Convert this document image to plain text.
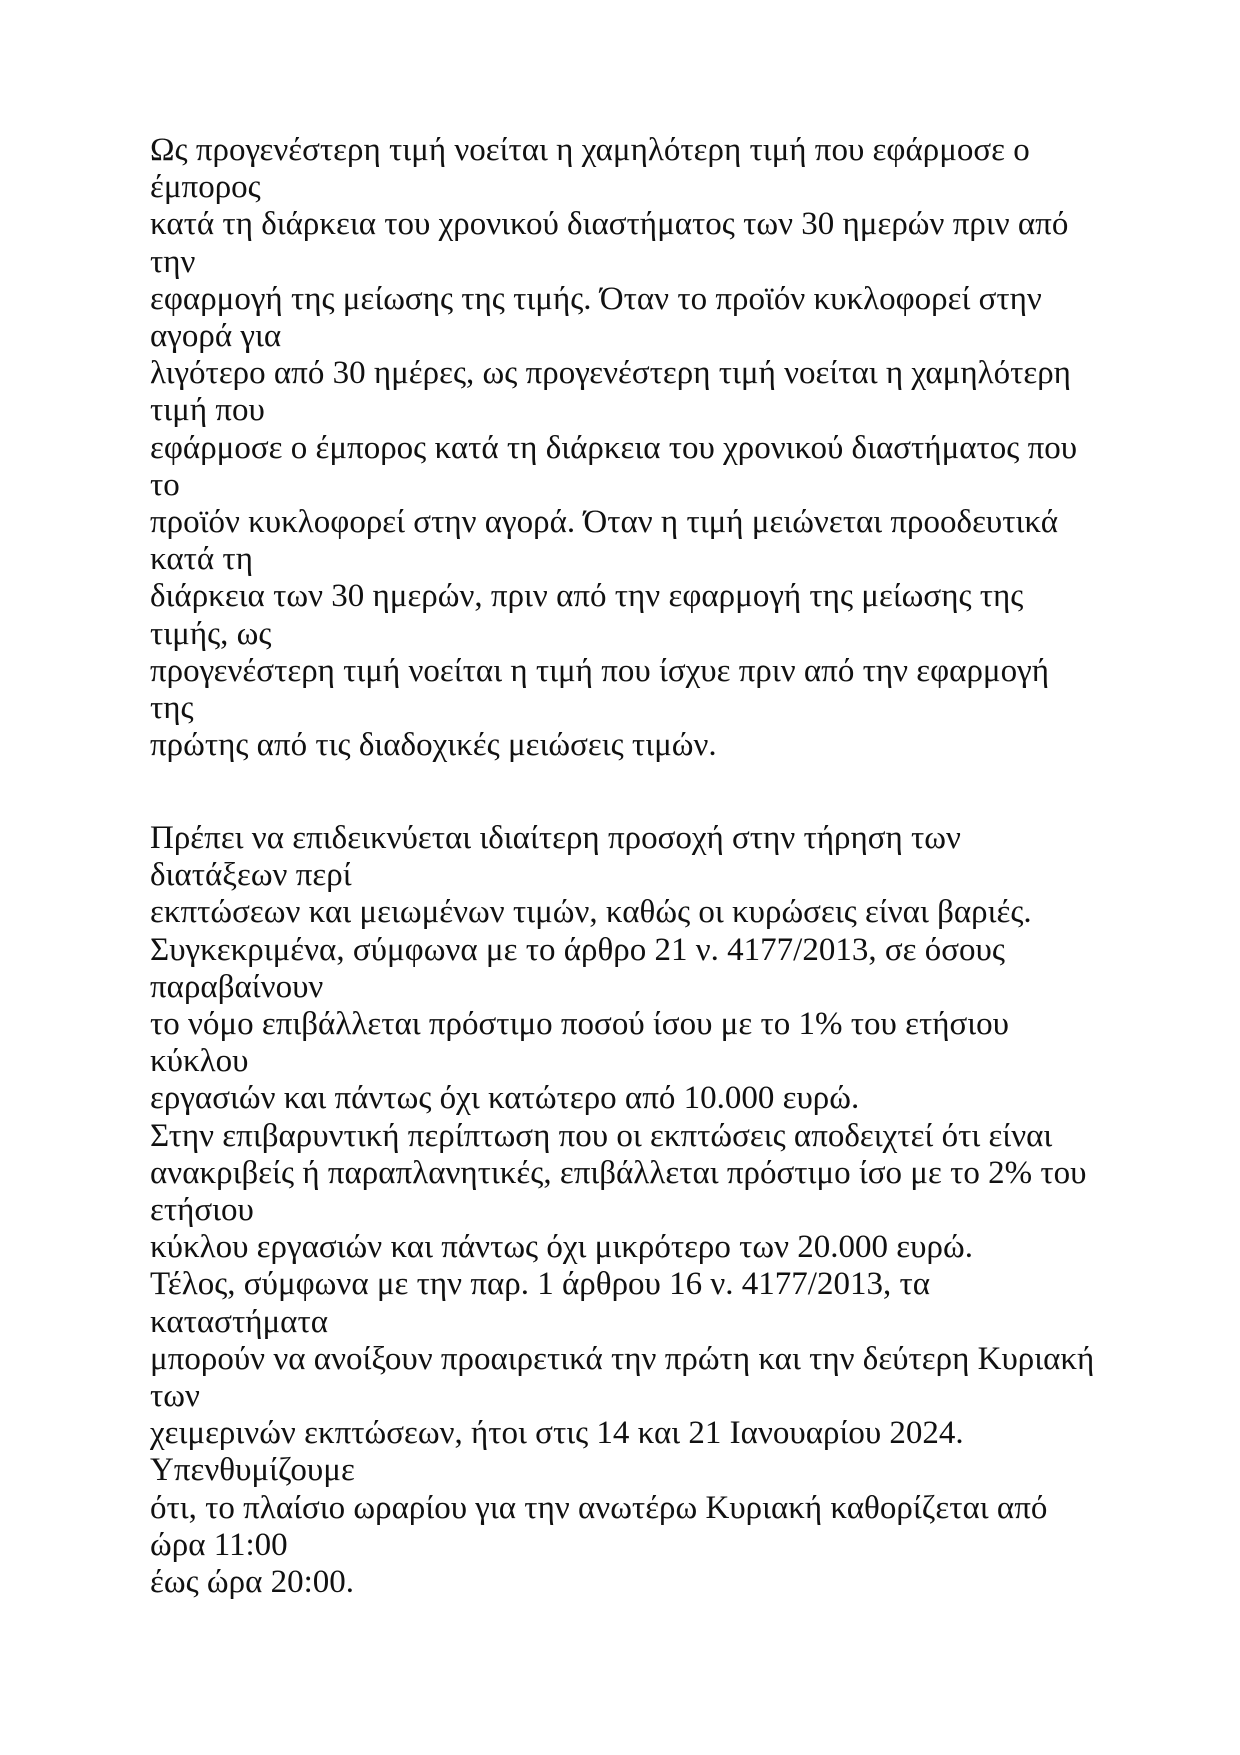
Ως προγενέστερη τιμή νοείται η χαμηλότερη τιμή που εφάρμοσε ο
έμπορος
κατά τη διάρκεια του χρονικού διαστήματος των 30 ημερών πριν από
την
εφαρμογή της μείωσης της τιμής. Όταν το προϊόν κυκλοφορεί στην
αγορά για
λιγότερο από 30 ημέρες, ως προγενέστερη τιμή νοείται η χαμηλότερη
τιμή που
εφάρμοσε ο έμπορος κατά τη διάρκεια του χρονικού διαστήματος που
το
προϊόν κυκλοφορεί στην αγορά. Όταν η τιμή μειώνεται προοδευτικά
κατά τη
διάρκεια των 30 ημερών, πριν από την εφαρμογή της μείωσης της
τιμής, ως
προγενέστερη τιμή νοείται η τιμή που ίσχυε πριν από την εφαρμογή
της
πρώτης από τις διαδοχικές μειώσεις τιμών.
Πρέπει να επιδεικνύεται ιδιαίτερη προσοχή στην τήρηση των
διατάξεων περί
εκπτώσεων και μειωμένων τιμών, καθώς οι κυρώσεις είναι βαριές.
Συγκεκριμένα, σύμφωνα με το άρθρο 21 ν. 4177/2013, σε όσους
παραβαίνουν
το νόμο επιβάλλεται πρόστιμο ποσού ίσου με το 1% του ετήσιου
κύκλου
εργασιών και πάντως όχι κατώτερο από 10.000 ευρώ.
Στην επιβαρυντική περίπτωση που οι εκπτώσεις αποδειχτεί ότι είναι
ανακριβείς ή παραπλανητικές, επιβάλλεται πρόστιμο ίσο με το 2% του
ετήσιου
κύκλου εργασιών και πάντως όχι μικρότερο των 20.000 ευρώ.
Τέλος, σύμφωνα με την παρ. 1 άρθρου 16 ν. 4177/2013, τα
καταστήματα
μπορούν να ανοίξουν προαιρετικά την πρώτη και την δεύτερη Κυριακή
των
χειμερινών εκπτώσεων, ήτοι στις 14 και 21 Ιανουαρίου 2024.
Υπενθυμίζουμε
ότι, το πλαίσιο ωραρίου για την ανωτέρω Κυριακή καθορίζεται από
ώρα 11:00
έως ώρα 20:00.
